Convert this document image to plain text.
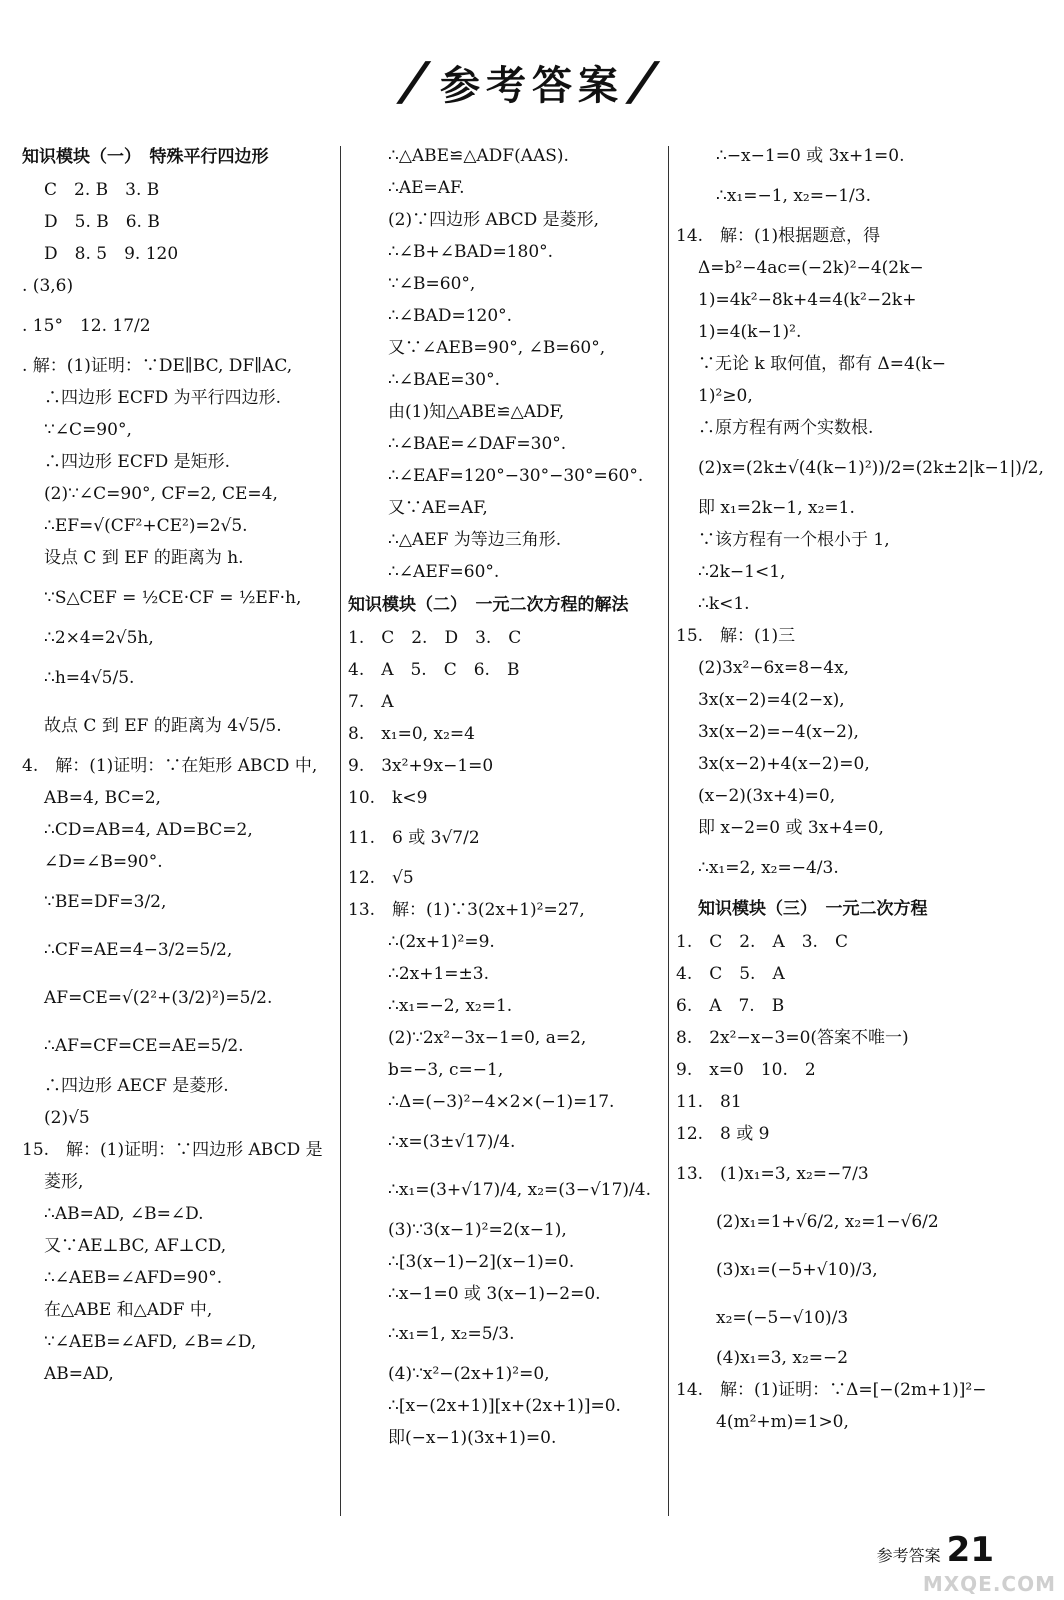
/ 参考答案 /
知识模块（一）　特殊平行四边形
C　2. B　3. B
D　5. B　6. B
D　8. 5　9. 120
. (3,6)
. 15°　12. 17/2
. 解：(1)证明：∵DE∥BC, DF∥AC,
∴四边形 ECFD 为平行四边形.
∵∠C=90°,
∴四边形 ECFD 是矩形.
(2)∵∠C=90°, CF=2, CE=4,
∴EF=√(CF²+CE²)=2√5.
设点 C 到 EF 的距离为 h.
∵S△CEF = ½CE·CF = ½EF·h,
∴2×4=2√5h,
∴h=4√5/5.
故点 C 到 EF 的距离为 4√5/5.
4.　解：(1)证明：∵在矩形 ABCD 中,
AB=4, BC=2,
∴CD=AB=4, AD=BC=2,
∠D=∠B=90°.
∵BE=DF=3/2,
∴CF=AE=4−3/2=5/2,
AF=CE=√(2²+(3/2)²)=5/2.
∴AF=CF=CE=AE=5/2.
∴四边形 AECF 是菱形.
(2)√5
15.　解：(1)证明：∵四边形 ABCD 是
菱形,
∴AB=AD, ∠B=∠D.
又∵AE⊥BC, AF⊥CD,
∴∠AEB=∠AFD=90°.
在△ABE 和△ADF 中,
∵∠AEB=∠AFD, ∠B=∠D,
AB=AD,
∴△ABE≌△ADF(AAS).
∴AE=AF.
(2)∵四边形 ABCD 是菱形,
∴∠B+∠BAD=180°.
∵∠B=60°,
∴∠BAD=120°.
又∵∠AEB=90°, ∠B=60°,
∴∠BAE=30°.
由(1)知△ABE≌△ADF,
∴∠BAE=∠DAF=30°.
∴∠EAF=120°−30°−30°=60°.
又∵AE=AF,
∴△AEF 为等边三角形.
∴∠AEF=60°.
知识模块（二）　一元二次方程的解法
1.　C　2.　D　3.　C
4.　A　5.　C　6.　B
7.　A
8.　x₁=0, x₂=4
9.　3x²+9x−1=0
10.　k<9
11.　6 或 3√7/2
12.　√5
13.　解：(1)∵3(2x+1)²=27,
∴(2x+1)²=9.
∴2x+1=±3.
∴x₁=−2, x₂=1.
(2)∵2x²−3x−1=0, a=2,
b=−3, c=−1,
∴Δ=(−3)²−4×2×(−1)=17.
∴x=(3±√17)/4.
∴x₁=(3+√17)/4, x₂=(3−√17)/4.
(3)∵3(x−1)²=2(x−1),
∴[3(x−1)−2](x−1)=0.
∴x−1=0 或 3(x−1)−2=0.
∴x₁=1, x₂=5/3.
(4)∵x²−(2x+1)²=0,
∴[x−(2x+1)][x+(2x+1)]=0.
即(−x−1)(3x+1)=0.
∴−x−1=0 或 3x+1=0.
∴x₁=−1, x₂=−1/3.
14.　解：(1)根据题意，得
Δ=b²−4ac=(−2k)²−4(2k−
1)=4k²−8k+4=4(k²−2k+
1)=4(k−1)².
∵无论 k 取何值，都有 Δ=4(k−
1)²≥0,
∴原方程有两个实数根.
(2)x=(2k±√(4(k−1)²))/2=(2k±2|k−1|)/2,
即 x₁=2k−1, x₂=1.
∵该方程有一个根小于 1,
∴2k−1<1,
∴k<1.
15.　解：(1)三
(2)3x²−6x=8−4x,
3x(x−2)=4(2−x),
3x(x−2)=−4(x−2),
3x(x−2)+4(x−2)=0,
(x−2)(3x+4)=0,
即 x−2=0 或 3x+4=0,
∴x₁=2, x₂=−4/3.
知识模块（三）　一元二次方程
1.　C　2.　A　3.　C
4.　C　5.　A
6.　A　7.　B
8.　2x²−x−3=0(答案不唯一)
9.　x=0　10.　2
11.　81
12.　8 或 9
13.　(1)x₁=3, x₂=−7/3
(2)x₁=1+√6/2, x₂=1−√6/2
(3)x₁=(−5+√10)/3,
x₂=(−5−√10)/3
(4)x₁=3, x₂=−2
14.　解：(1)证明：∵Δ=[−(2m+1)]²−
4(m²+m)=1>0,
参考答案 21
MXQE.COM
